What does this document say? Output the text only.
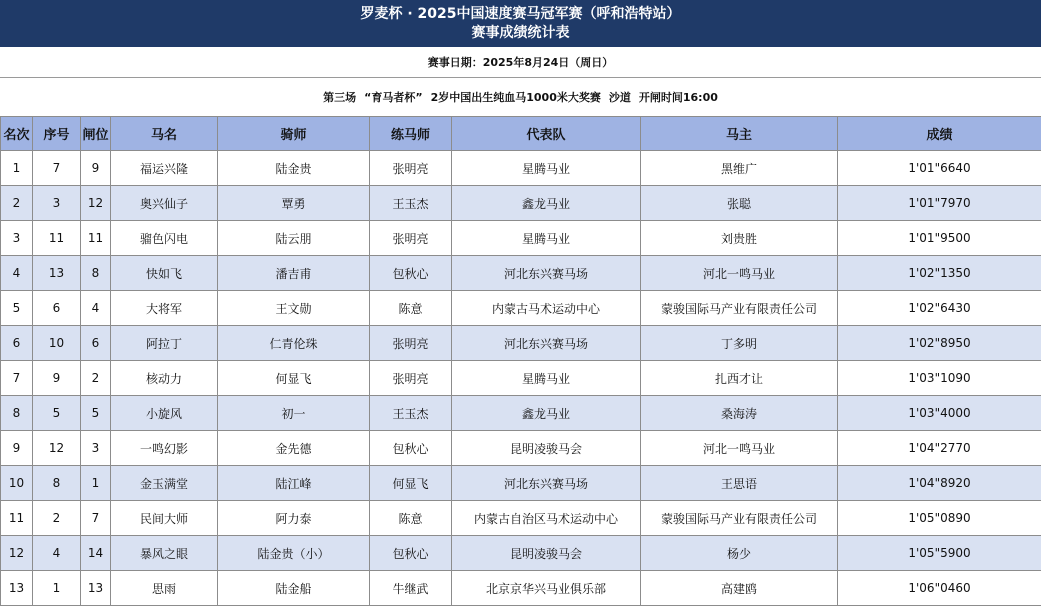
罗麦杯 · 2025中国速度赛马冠军赛（呼和浩特站）
赛事成绩统计表
赛事日期：2025年8月24日（周日）
第三场 “育马者杯” 2岁中国出生纯血马1000米大奖赛 沙道 开闸时间16:00
名次	序号	闸位	马名	骑师	练马师	代表队	马主	成绩
1	7	9	福运兴隆	陆金贵	张明亮	星腾马业	黑维广	1'01"6640
2	3	12	奥兴仙子	覃勇	王玉杰	鑫龙马业	张聪	1'01"7970
3	11	11	骝色闪电	陆云朋	张明亮	星腾马业	刘贵胜	1'01"9500
4	13	8	快如飞	潘吉甫	包秋心	河北东兴赛马场	河北一鸣马业	1'02"1350
5	6	4	大将军	王文勋	陈意	内蒙古马术运动中心	蒙骏国际马产业有限责任公司	1'02"6430
6	10	6	阿拉丁	仁青伦珠	张明亮	河北东兴赛马场	丁多明	1'02"8950
7	9	2	核动力	何显飞	张明亮	星腾马业	扎西才让	1'03"1090
8	5	5	小旋风	初一	王玉杰	鑫龙马业	桑海涛	1'03"4000
9	12	3	一鸣幻影	金先德	包秋心	昆明凌骏马会	河北一鸣马业	1'04"2770
10	8	1	金玉满堂	陆江峰	何显飞	河北东兴赛马场	王思语	1'04"8920
11	2	7	民间大师	阿力泰	陈意	内蒙古自治区马术运动中心	蒙骏国际马产业有限责任公司	1'05"0890
12	4	14	暴风之眼	陆金贵（小）	包秋心	昆明凌骏马会	杨少	1'05"5900
13	1	13	思雨	陆金船	牛继武	北京京华兴马业俱乐部	高建鸥	1'06"0460
